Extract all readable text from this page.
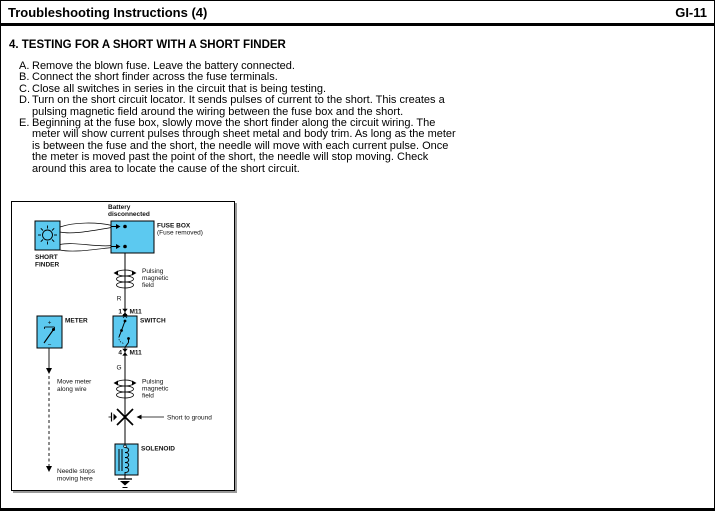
Troubleshooting Instructions (4)	GI-11
4. TESTING FOR A SHORT WITH A SHORT FINDER
A. Remove the blown fuse. Leave the battery connected.
B. Connect the short finder across the fuse terminals.
C. Close all switches in series in the circuit that is being testing.
D. Turn on the short circuit locator. It sends pulses of current to the short. This creates a pulsing magnetic field around the wiring between the fuse box and the short.
E. Beginning at the fuse box, slowly move the short finder along the circuit wiring. The meter will show current pulses through sheet metal and body trim. As long as the meter is between the fuse and the short, the needle will move with each current pulse. Once the meter is moved past the point of the short, the needle will stop moving. Check around this area to locate the cause of the short circuit.
SHORT
FINDER
Battery
disconnected
FUSE BOX
(Fuse removed)
Pulsing
magnetic
field
R
1 M11
SWITCH
4 M11
G
Pulsing
magnetic
field
Short to ground
SOLENOID
+
−
METER
Move meter
along wire
Needle stops
moving here
